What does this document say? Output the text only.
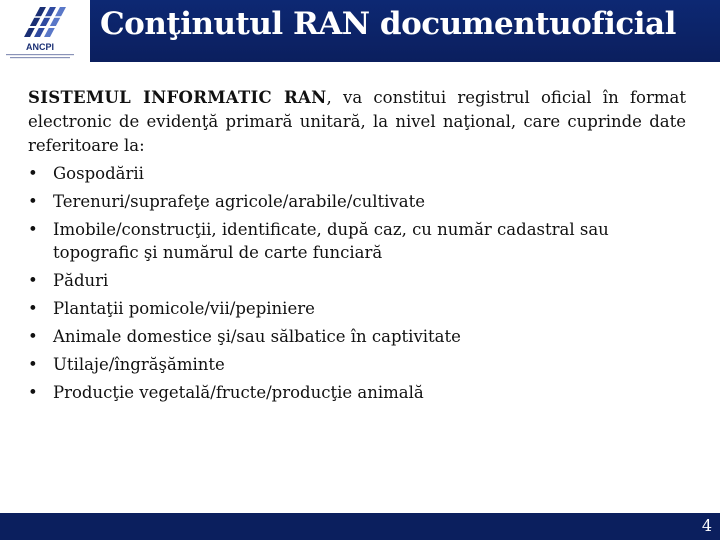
ANCPI
Conţinutul RAN documentuoficial

SISTEMUL INFORMATIC RAN, va constitui registrul oficial în format electronic de evidenţă primară unitară, la nivel naţional, care cuprinde date referitoare la:

• Gospodării
• Terenuri/suprafeţe agricole/arabile/cultivate
• Imobile/construcţii, identificate, după caz, cu număr cadastral sau topografic şi numărul de carte funciară
• Păduri
• Plantaţii pomicole/vii/pepiniere
• Animale domestice şi/sau sălbatice în captivitate
• Utilaje/îngrăşăminte
• Producţie vegetală/fructe/producţie animală
4
